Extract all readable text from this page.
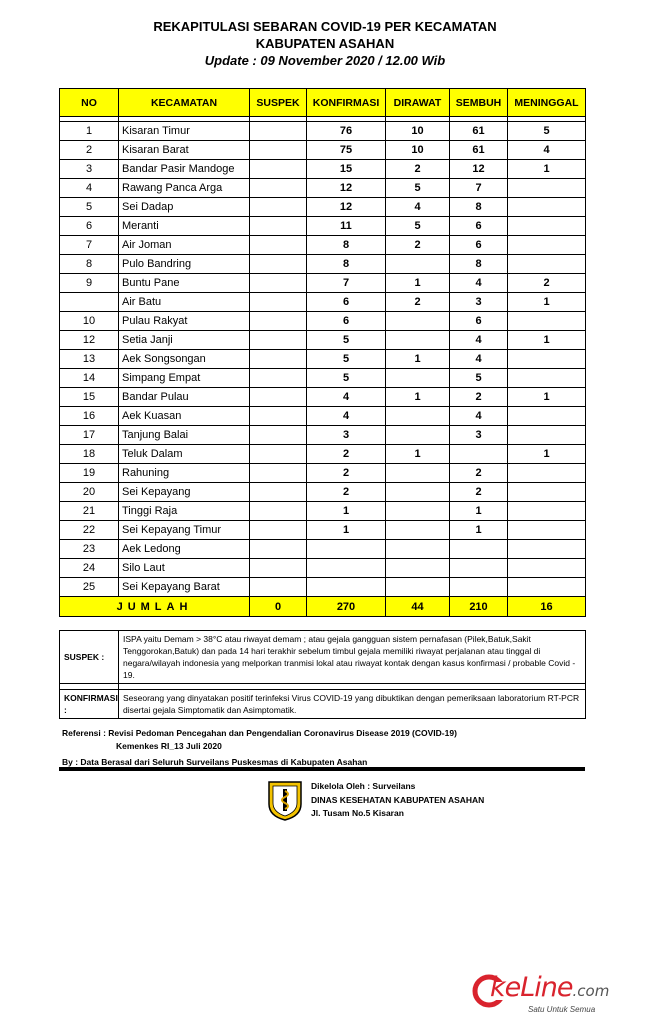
REKAPITULASI SEBARAN COVID-19 PER KECAMATAN
KABUPATEN ASAHAN
Update : 09 November 2020 / 12.00 Wib
NO	KECAMATAN	SUSPEK	KONFIRMASI	DIRAWAT	SEMBUH	MENINGGAL

1	Kisaran Timur		76	10	61	5
2	Kisaran Barat		75	10	61	4
3	Bandar Pasir Mandoge		15	2	12	1
4	Rawang Panca Arga		12	5	7	
5	Sei Dadap		12	4	8	
6	Meranti		11	5	6	
7	Air Joman		8	2	6	
8	Pulo Bandring		8		8	
9	Buntu Pane		7	1	4	2
	Air Batu		6	2	3	1
10	Pulau Rakyat		6		6	
12	Setia Janji		5		4	1
13	Aek Songsongan		5	1	4	
14	Simpang Empat		5		5	
15	Bandar Pulau		4	1	2	1
16	Aek Kuasan		4		4	
17	Tanjung Balai		3		3	
18	Teluk Dalam		2	1		1
19	Rahuning		2		2	
20	Sei Kepayang		2		2	
21	Tinggi Raja		1		1	
22	Sei Kepayang Timur		1		1	
23	Aek Ledong					
24	Silo Laut					
25	Sei Kepayang Barat					
JUMLAH		0	270	44	210	16
SUSPEK :	ISPA yaitu Demam > 38°C atau riwayat demam ; atau gejala gangguan sistem pernafasan (Pilek,Batuk,Sakit Tenggorokan,Batuk) dan pada 14 hari terakhir sebelum timbul gejala memiliki riwayat perjalanan atau tinggal di negara/wilayah indonesia yang melporkan tranmisi lokal atau riwayat kontak dengan kasus konfirmasi / probable Covid - 19.

KONFIRMASI :	Seseorang yang dinyatakan positif terinfeksi Virus COVID-19 yang dibuktikan dengan pemeriksaan laboratorium RT-PCR disertai gejala Simptomatik dan Asimptomatik.
Referensi : Revisi Pedoman Pencegahan dan Pengendalian Coronavirus Disease 2019 (COVID-19)
Kemenkes RI_13 Juli 2020
By : Data Berasal dari Seluruh Surveilans Puskesmas di Kabupaten Asahan
Dikelola Oleh : Surveilans
DINAS KESEHATAN KABUPATEN ASAHAN
Jl. Tusam No.5 Kisaran
keLine.com
Satu Untuk Semua
